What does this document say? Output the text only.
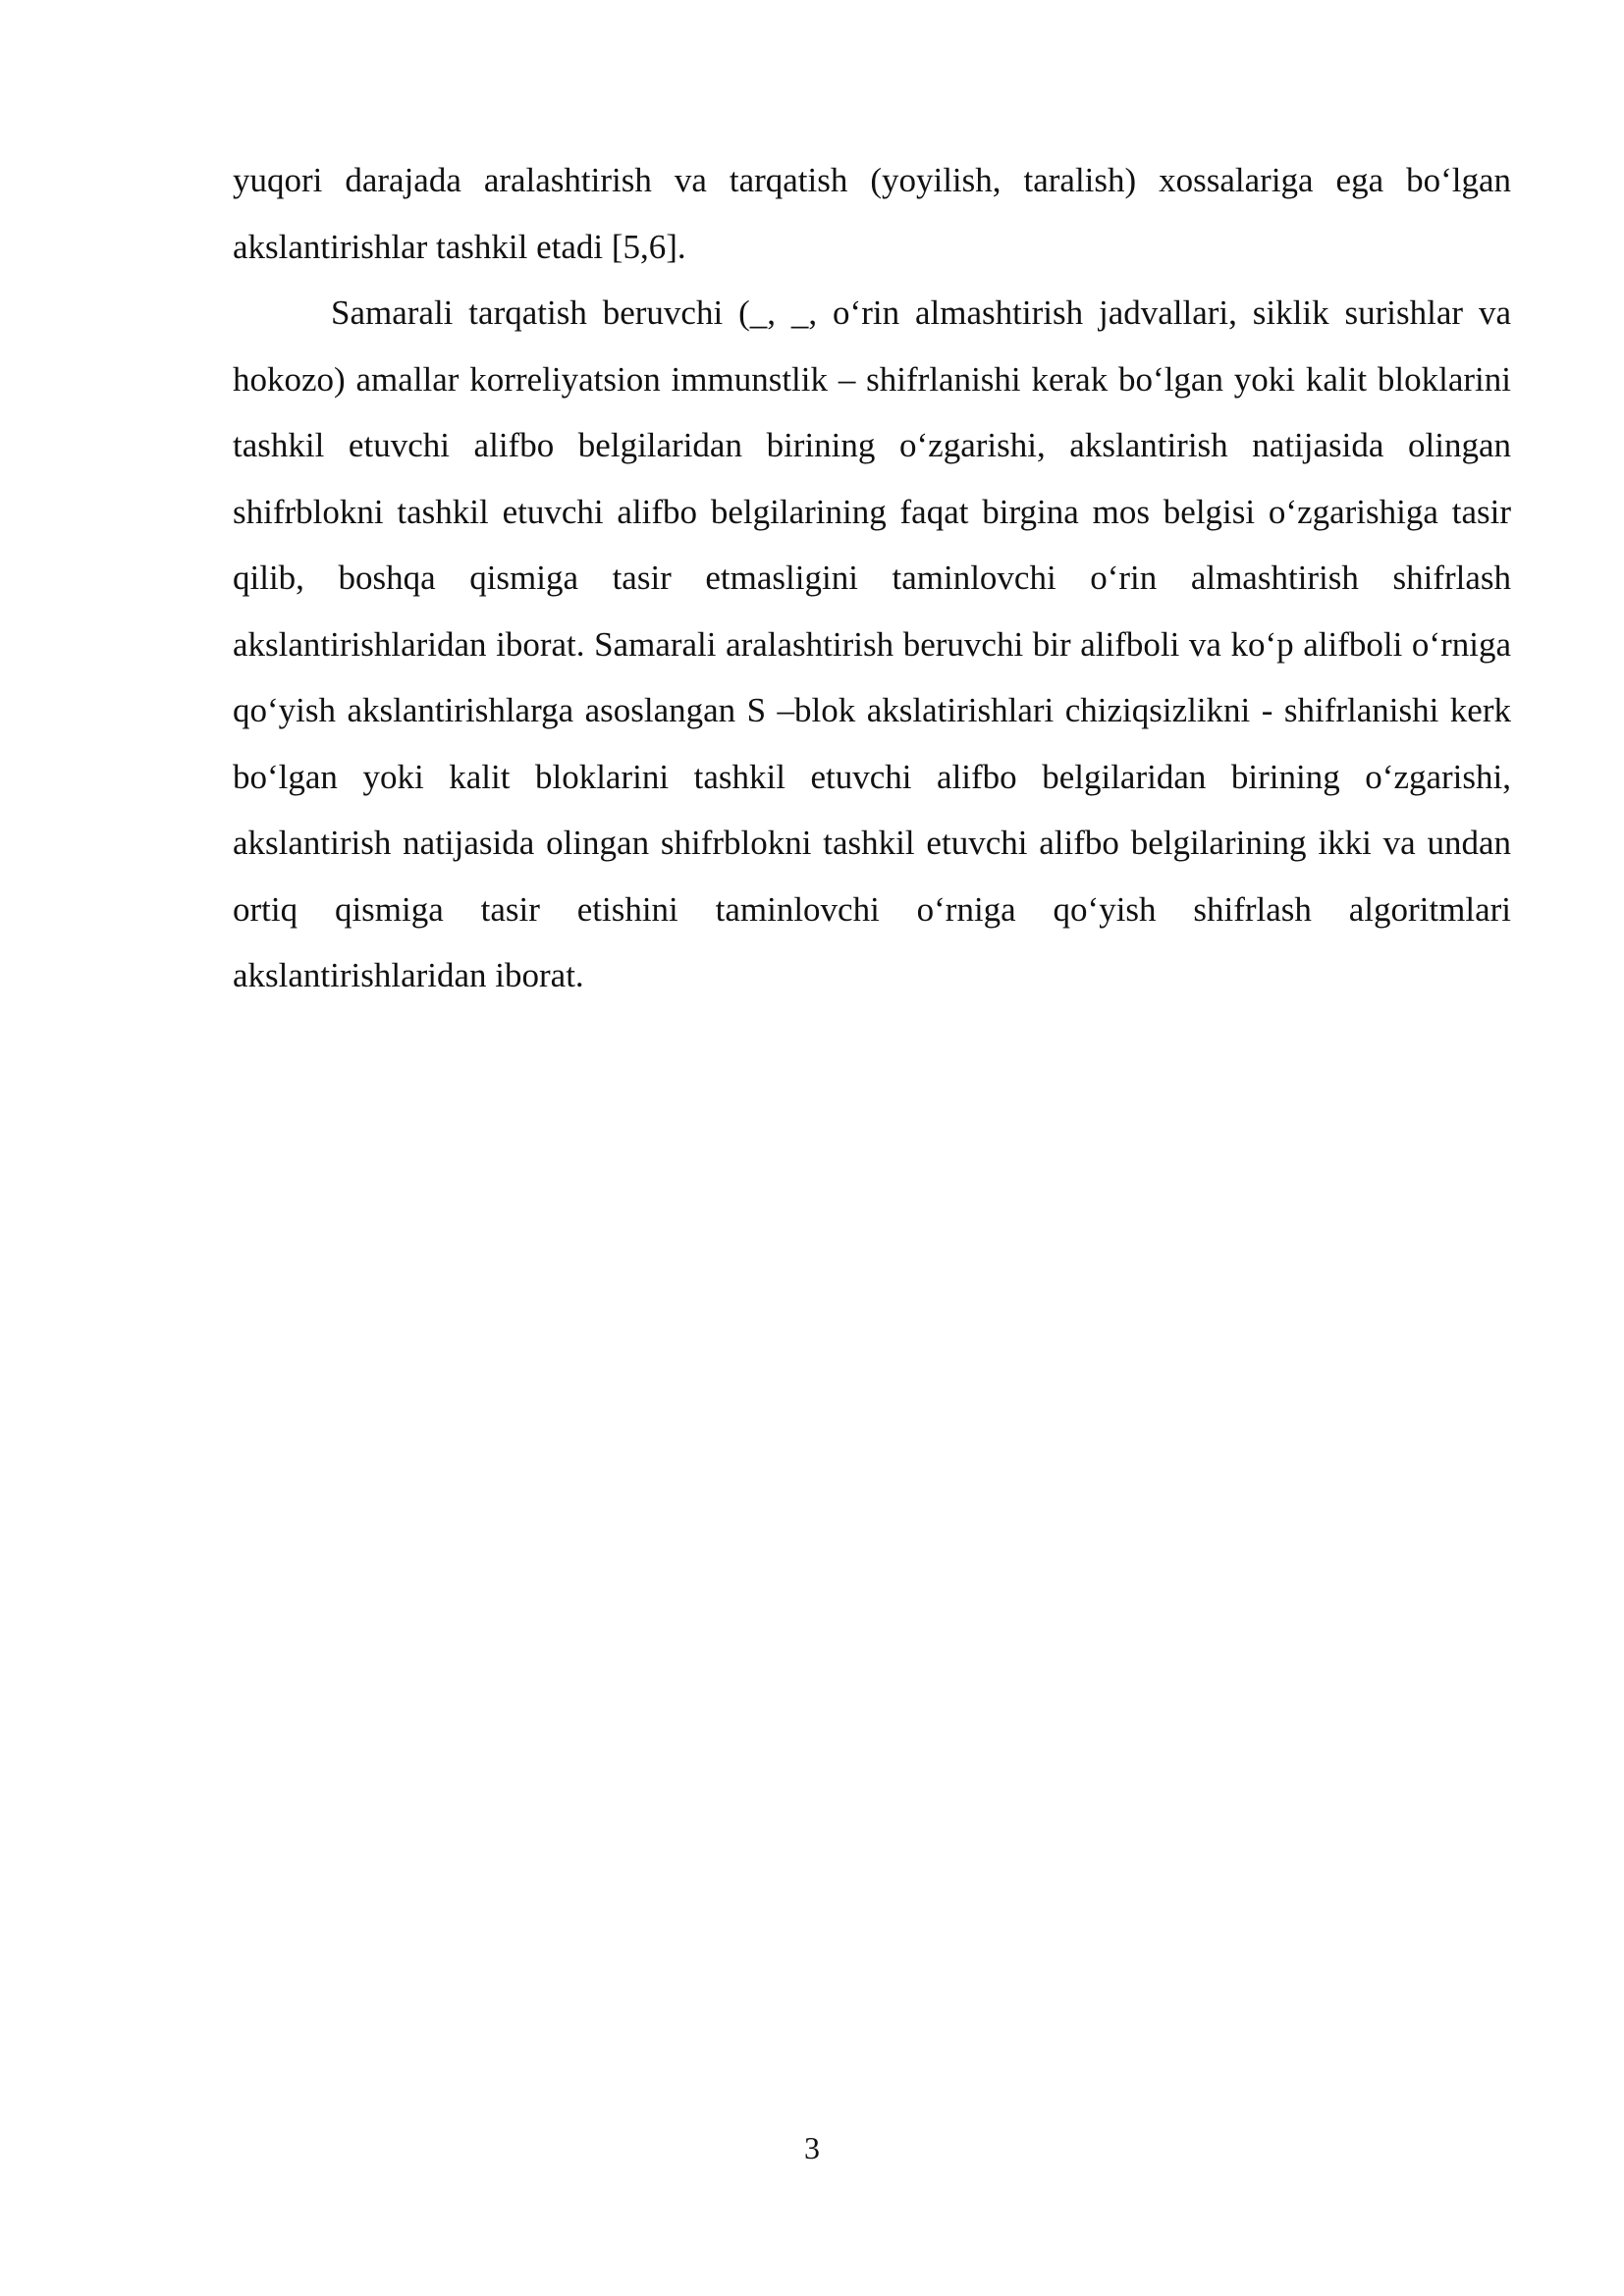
yuqori darajada aralashtirish va tarqatish (yoyilish, taralish) xossalariga ega bo‘lgan akslantirishlar tashkil etadi [5,6].

Samarali tarqatish beruvchi (_, _, o‘rin almashtirish jadvallari, siklik surishlar va hokozo) amallar korreliyatsion immunstlik – shifrlanishi kerak bo‘lgan yoki kalit bloklarini tashkil etuvchi alifbo belgilaridan birining o‘zgarishi, akslantirish natijasida olingan shifrblokni tashkil etuvchi alifbo belgilarining faqat birgina mos belgisi o‘zgarishiga tasir qilib, boshqa qismiga tasir etmasligini taminlovchi o‘rin almashtirish shifrlash akslantirishlaridan iborat. Samarali aralashtirish beruvchi bir alifboli va ko‘p alifboli o‘rniga qo‘yish akslantirishlarga asoslangan S –blok akslatirishlari chiziqsizlikni - shifrlanishi kerk bo‘lgan yoki kalit bloklarini tashkil etuvchi alifbo belgilaridan birining o‘zgarishi, akslantirish natijasida olingan shifrblokni tashkil etuvchi alifbo belgilarining ikki va undan ortiq qismiga tasir etishini taminlovchi o‘rniga qo‘yish shifrlash algoritmlari akslantirishlaridan iborat.

3
